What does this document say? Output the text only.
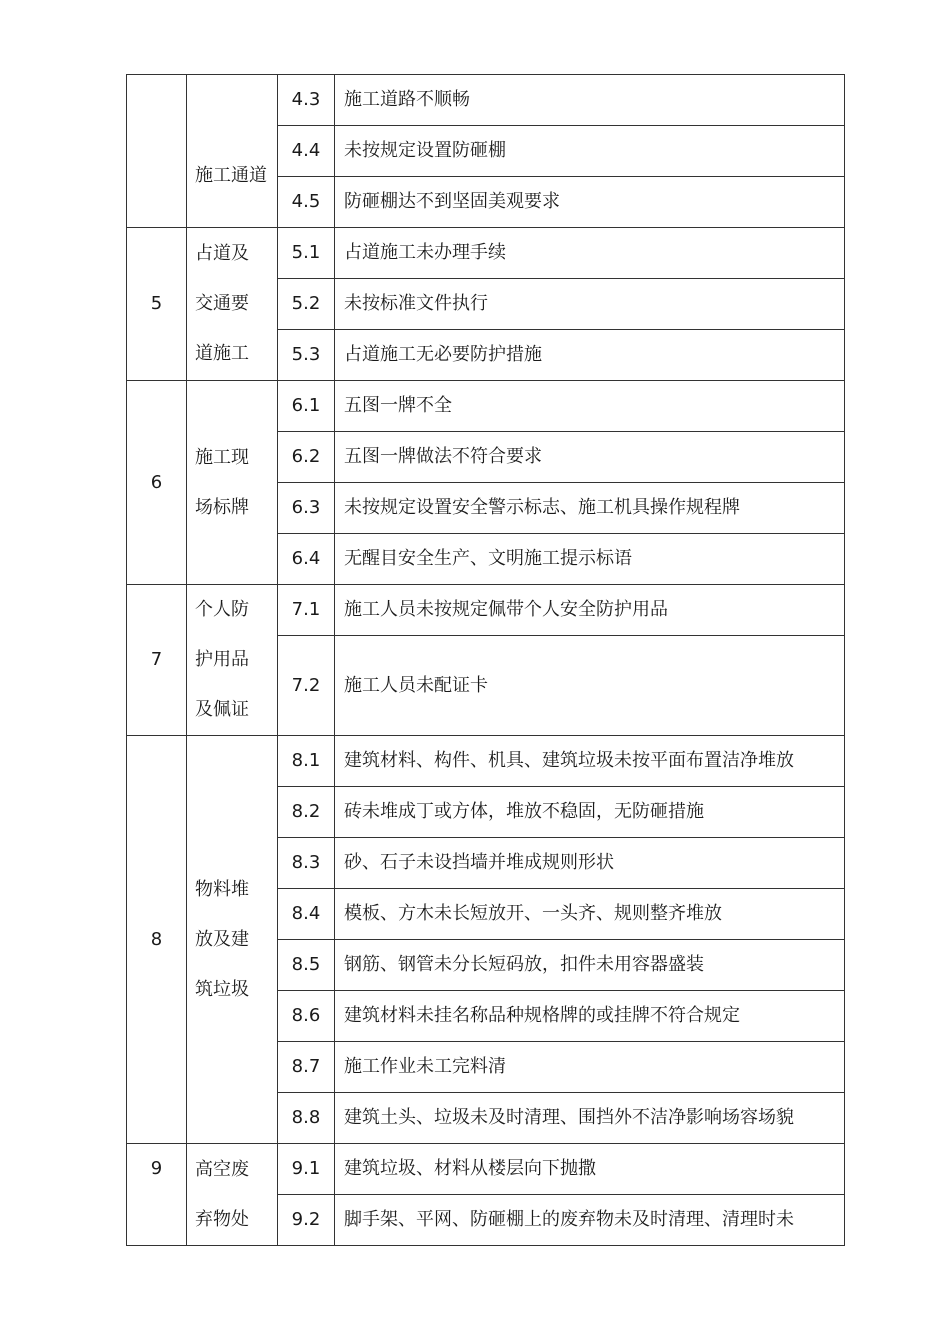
	施工通道	4.3	施工道路不顺畅
		4.4	未按规定设置防砸棚
		4.5	防砸棚达不到坚固美观要求
5	占道及交通要道施工	5.1	占道施工未办理手续
		5.2	未按标准文件执行
		5.3	占道施工无必要防护措施
6	施工现场标牌	6.1	五图一牌不全
		6.2	五图一牌做法不符合要求
		6.3	未按规定设置安全警示标志、施工机具操作规程牌
		6.4	无醒目安全生产、文明施工提示标语
7	个人防护用品及佩证	7.1	施工人员未按规定佩带个人安全防护用品
		7.2	施工人员未配证卡
8	物料堆放及建筑垃圾	8.1	建筑材料、构件、机具、建筑垃圾未按平面布置洁净堆放
		8.2	砖未堆成丁或方体，堆放不稳固，无防砸措施
		8.3	砂、石子未设挡墙并堆成规则形状
		8.4	模板、方木未长短放开、一头齐、规则整齐堆放
		8.5	钢筋、钢管未分长短码放，扣件未用容器盛装
		8.6	建筑材料未挂名称品种规格牌的或挂牌不符合规定
		8.7	施工作业未工完料清
		8.8	建筑土头、垃圾未及时清理、围挡外不洁净影响场容场貌
9	高空废弃物处	9.1	建筑垃圾、材料从楼层向下抛撒
		9.2	脚手架、平网、防砸棚上的废弃物未及时清理、清理时未
